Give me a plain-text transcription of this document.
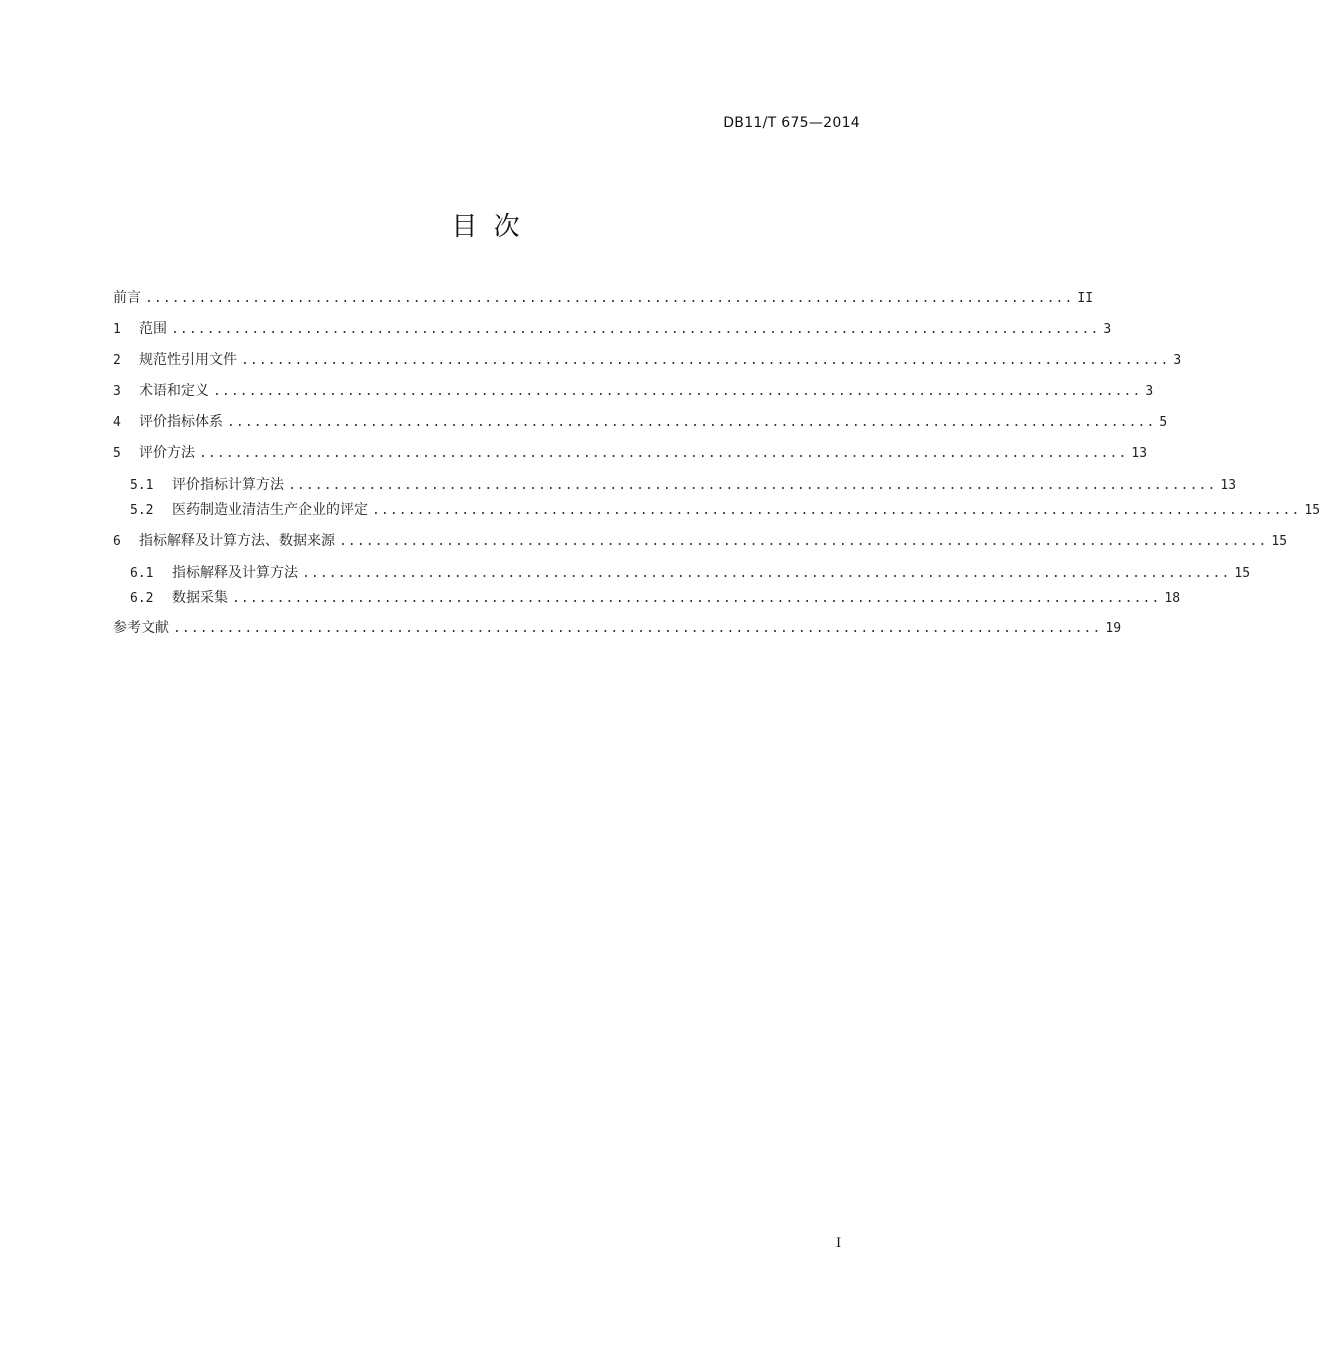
DB11/T 675—2014
目 次
前言 ........................................................................................................ II
1	范围 ........................................................................................................ 3
2	规范性引用文件 ........................................................................................................ 3
3	术语和定义 ........................................................................................................ 3
4	评价指标体系 ........................................................................................................ 5
5	评价方法 ........................................................................................................ 13
5.1	评价指标计算方法 ........................................................................................................ 13
5.2	医药制造业清洁生产企业的评定 ........................................................................................................ 15
6	指标解释及计算方法、数据来源 ........................................................................................................ 15
6.1	指标解释及计算方法 ........................................................................................................ 15
6.2	数据采集 ........................................................................................................ 18
参考文献 ........................................................................................................ 19
I
